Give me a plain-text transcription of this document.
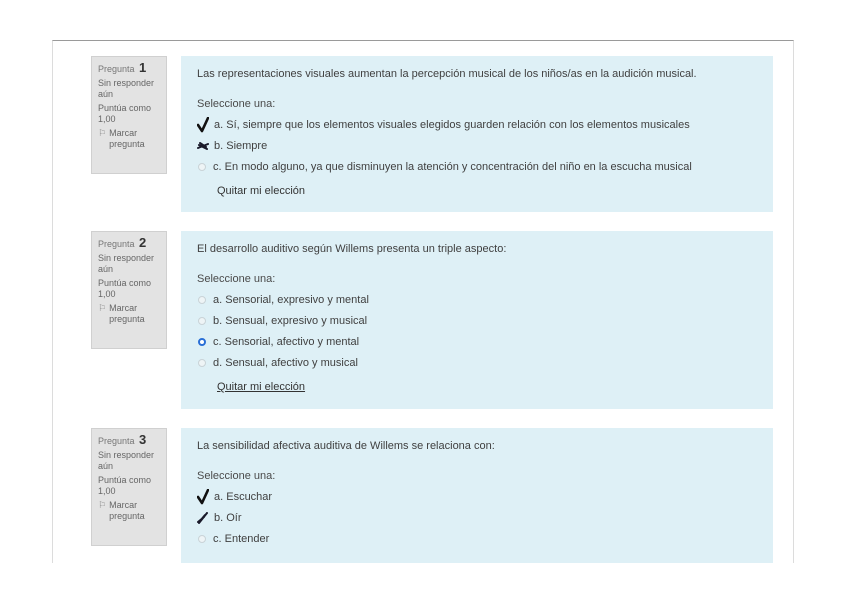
Pregunta 1
Sin responder aún
Puntúa como 1,00
⚐ Marcar pregunta
Las representaciones visuales aumentan la percepción musical de los niños/as en la audición musical.
Seleccione una:
a. Sí, siempre que los elementos visuales elegidos guarden relación con los elementos musicales
b. Siempre
c. En modo alguno, ya que disminuyen la atención y concentración del niño en la escucha musical
Quitar mi elección
Pregunta 2
Sin responder aún
Puntúa como 1,00
⚐ Marcar pregunta
El desarrollo auditivo según Willems presenta un triple aspecto:
Seleccione una:
a. Sensorial, expresivo y mental
b. Sensual, expresivo y musical
c. Sensorial, afectivo y mental
d. Sensual, afectivo y musical
Quitar mi elección
Pregunta 3
Sin responder aún
Puntúa como 1,00
⚐ Marcar pregunta
La sensibilidad afectiva auditiva de Willems se relaciona con:
Seleccione una:
a. Escuchar
b. Oír
c. Entender
